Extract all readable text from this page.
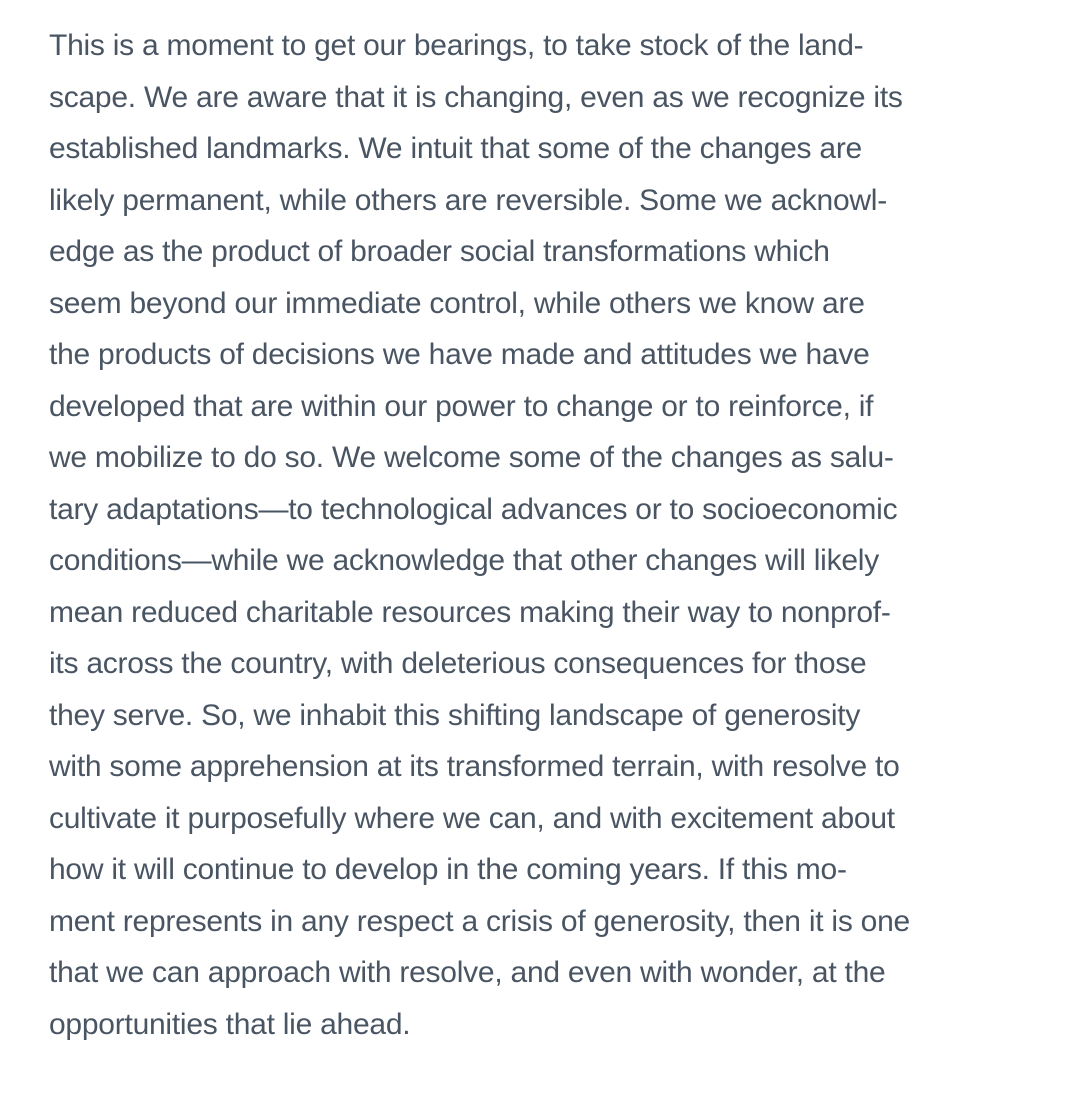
This is a moment to get our bearings, to take stock of the land-
scape. We are aware that it is changing, even as we recognize its
established landmarks. We intuit that some of the changes are
likely permanent, while others are reversible. Some we acknowl-
edge as the product of broader social transformations which
seem beyond our immediate control, while others we know are
the products of decisions we have made and attitudes we have
developed that are within our power to change or to reinforce, if
we mobilize to do so. We welcome some of the changes as salu-
tary adaptations—to technological advances or to socioeconomic
conditions—while we acknowledge that other changes will likely
mean reduced charitable resources making their way to nonprof-
its across the country, with deleterious consequences for those
they serve. So, we inhabit this shifting landscape of generosity
with some apprehension at its transformed terrain, with resolve to
cultivate it purposefully where we can, and with excitement about
how it will continue to develop in the coming years. If this mo-
ment represents in any respect a crisis of generosity, then it is one
that we can approach with resolve, and even with wonder, at the
opportunities that lie ahead.
